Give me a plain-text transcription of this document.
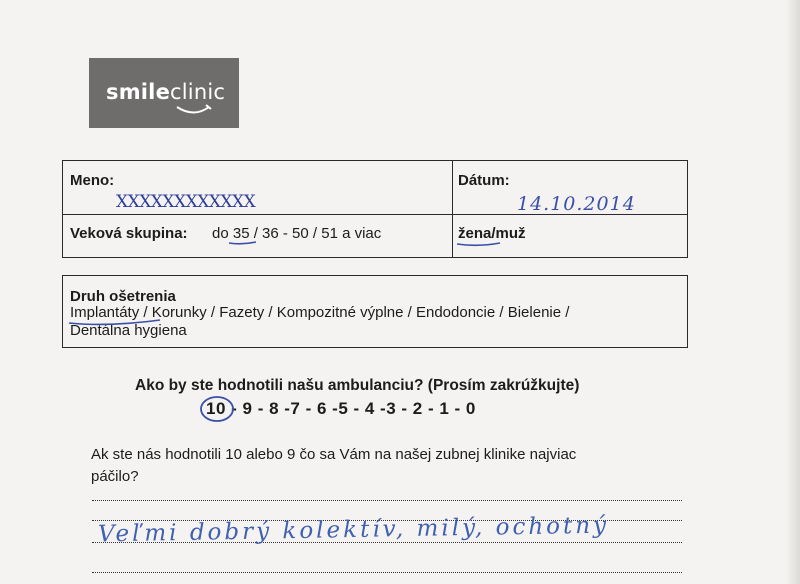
smileclinic
Meno:
XXXXXXXXXXXX
Dátum:
14.10.2014
Veková skupina: do 35 / 36 - 50 / 51 a viac	žena/muž
Druh ošetrenia
Implantáty / Korunky / Fazety / Kompozitné výplne / Endodoncie / Bielenie /
Dentálna hygiena
Ako by ste hodnotili našu ambulanciu? (Prosím zakrúžkujte)
10 - 9 - 8 -7 - 6 -5 - 4 -3 - 2 - 1 - 0
Ak ste nás hodnotili 10 alebo 9 čo sa Vám na našej zubnej klinike najviac
páčilo?
Veľmi dobrý kolektív, milý, ochotný
